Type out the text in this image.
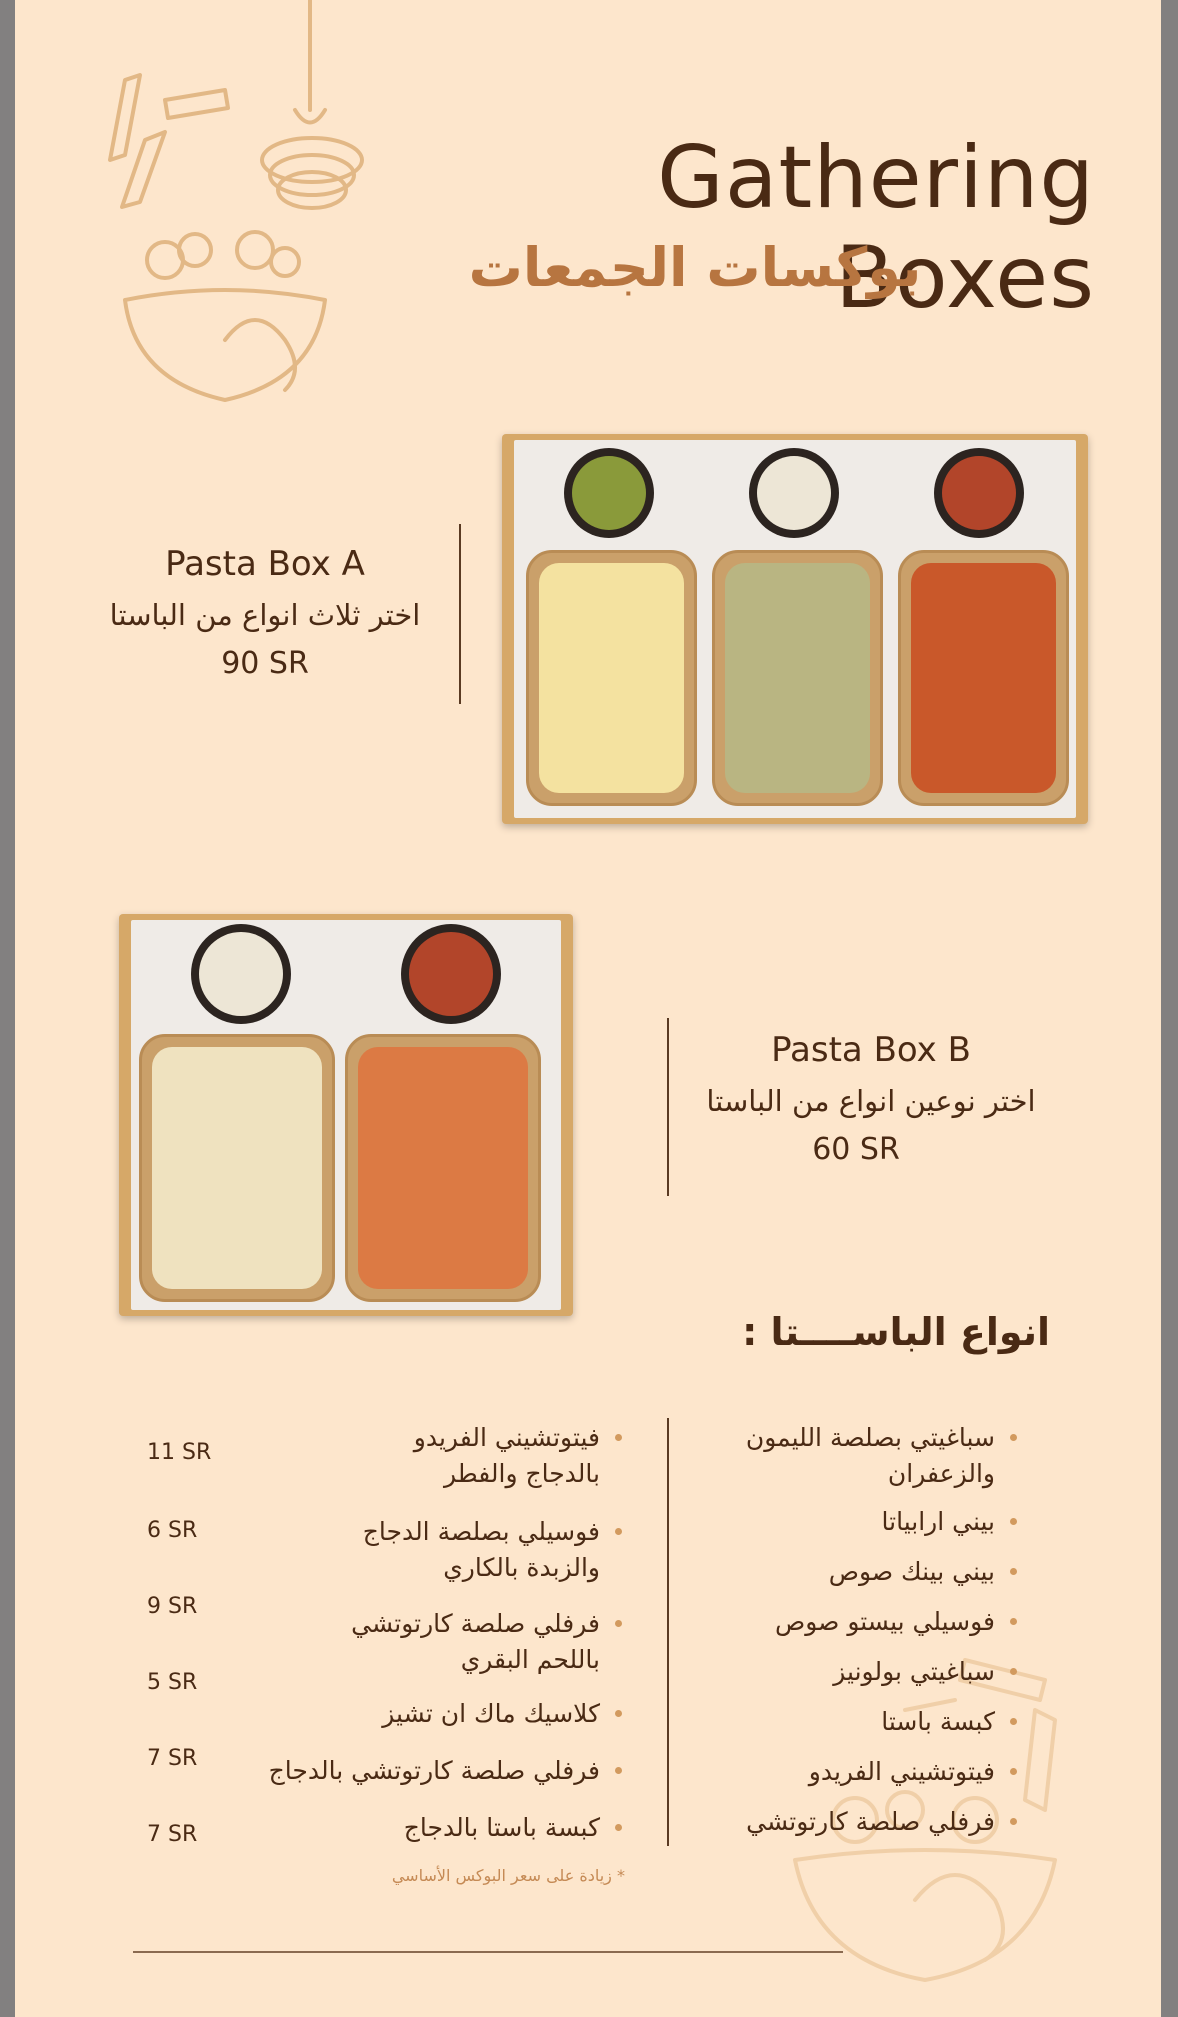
Gathering Boxes
بوكسات الجمعات
Pasta Box A
اختر ثلاث انواع من الباستا
90 SR
Pasta Box B
اختر نوعين انواع من الباستا
60 SR
انواع الباســــتا :
سباغيتي بصلصة الليمون والزعفران
بيني ارابياتا
بيني بينك صوص
فوسيلي بيستو صوص
سباغيتي بولونيز
كبسة باستا
فيتوتشيني الفريدو
فرفلي صلصة كارتوتشي
فيتوتشيني الفريدو بالدجاج والفطر
11 SR
فوسيلي بصلصة الدجاج والزبدة بالكاري
6 SR
فرفلي صلصة كارتوتشي باللحم البقري
9 SR
كلاسيك ماك ان تشيز
5 SR
فرفلي صلصة كارتوتشي بالدجاج
7 SR
كبسة باستا بالدجاج
7 SR
* زيادة على سعر البوكس الأساسي
